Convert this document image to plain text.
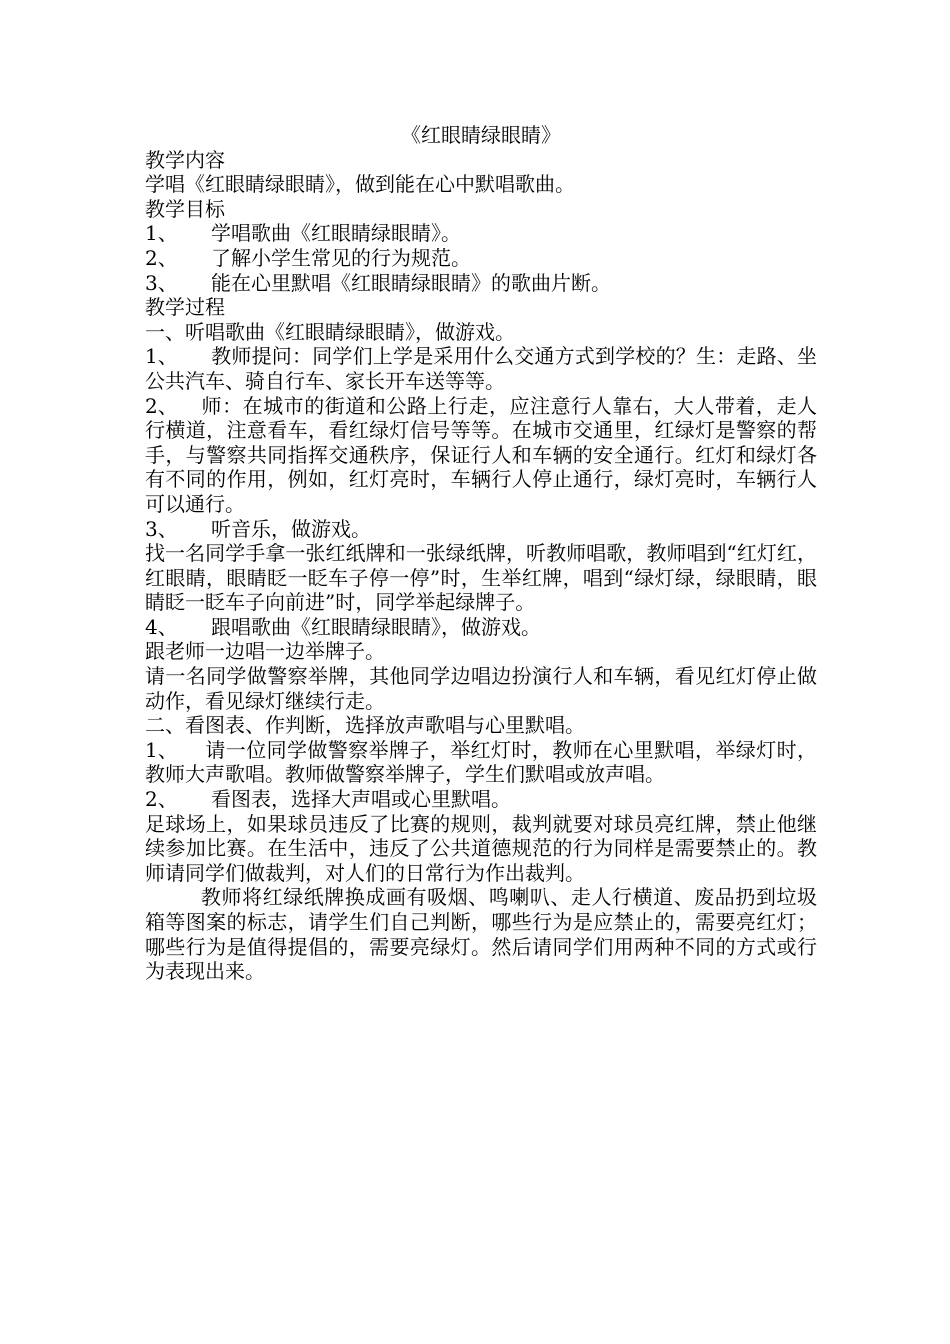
《红眼睛绿眼睛》

教学内容

学唱《红眼睛绿眼睛》，做到能在心中默唱歌曲。

教学目标

1、 学唱歌曲《红眼睛绿眼睛》。

2、 了解小学生常见的行为规范。

3、 能在心里默唱《红眼睛绿眼睛》的歌曲片断。

教学过程

一、听唱歌曲《红眼睛绿眼睛》，做游戏。

1、 教师提问：同学们上学是采用什么交通方式到学校的？生：走路、坐公共汽车、骑自行车、家长开车送等等。

2、 师：在城市的街道和公路上行走，应注意行人靠右，大人带着，走人行横道，注意看车，看红绿灯信号等等。在城市交通里，红绿灯是警察的帮手，与警察共同指挥交通秩序，保证行人和车辆的安全通行。红灯和绿灯各有不同的作用，例如，红灯亮时，车辆行人停止通行，绿灯亮时，车辆行人可以通行。

3、 听音乐，做游戏。

找一名同学手拿一张红纸牌和一张绿纸牌，听教师唱歌，教师唱到“红灯红，红眼睛，眼睛眨一眨车子停一停”时，生举红牌，唱到“绿灯绿，绿眼睛，眼睛眨一眨车子向前进”时，同学举起绿牌子。

4、 跟唱歌曲《红眼睛绿眼睛》，做游戏。

跟老师一边唱一边举牌子。

请一名同学做警察举牌，其他同学边唱边扮演行人和车辆，看见红灯停止做动作，看见绿灯继续行走。

二、看图表、作判断，选择放声歌唱与心里默唱。

1、 请一位同学做警察举牌子，举红灯时，教师在心里默唱，举绿灯时，教师大声歌唱。教师做警察举牌子，学生们默唱或放声唱。

2、 看图表，选择大声唱或心里默唱。

足球场上，如果球员违反了比赛的规则，裁判就要对球员亮红牌，禁止他继续参加比赛。在生活中，违反了公共道德规范的行为同样是需要禁止的。教师请同学们做裁判，对人们的日常行为作出裁判。

教师将红绿纸牌换成画有吸烟、鸣喇叭、走人行横道、废品扔到垃圾箱等图案的标志，请学生们自己判断，哪些行为是应禁止的，需要亮红灯；哪些行为是值得提倡的，需要亮绿灯。然后请同学们用两种不同的方式或行为表现出来。
